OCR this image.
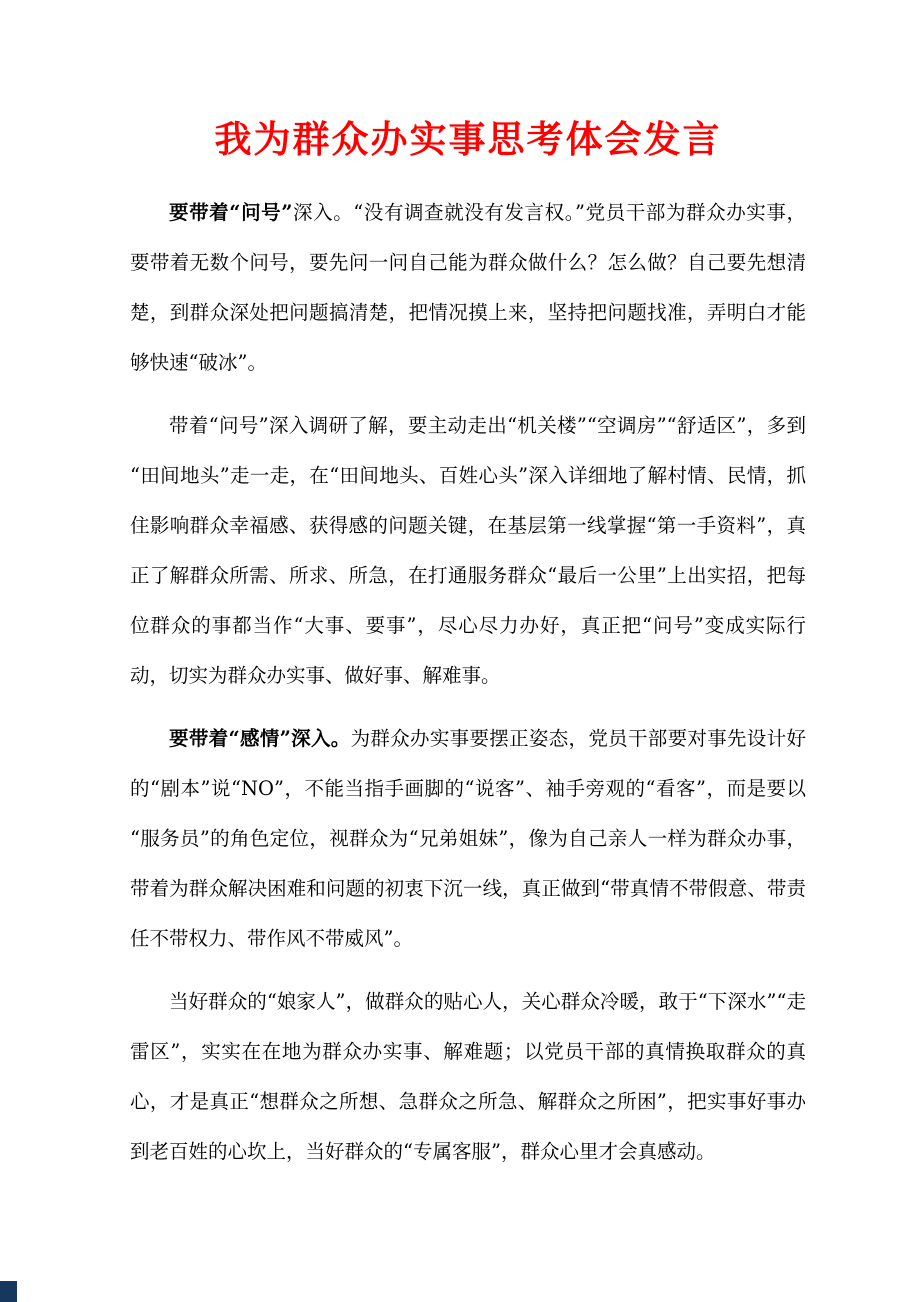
我为群众办实事思考体会发言

要带着“问号”深入。“没有调查就没有发言权。”党员干部为群众办实事，要带着无数个问号，要先问一问自己能为群众做什么？怎么做？自己要先想清楚，到群众深处把问题搞清楚，把情况摸上来，坚持把问题找准，弄明白才能够快速“破冰”。

带着“问号”深入调研了解，要主动走出“机关楼”“空调房”“舒适区”，多到“田间地头”走一走，在“田间地头、百姓心头”深入详细地了解村情、民情，抓住影响群众幸福感、获得感的问题关键，在基层第一线掌握“第一手资料”，真正了解群众所需、所求、所急，在打通服务群众“最后一公里”上出实招，把每位群众的事都当作“大事、要事”，尽心尽力办好，真正把“问号”变成实际行动，切实为群众办实事、做好事、解难事。

要带着“感情”深入。为群众办实事要摆正姿态，党员干部要对事先设计好的“剧本”说“NO”，不能当指手画脚的“说客”、袖手旁观的“看客”，而是要以“服务员”的角色定位，视群众为“兄弟姐妹”，像为自己亲人一样为群众办事，带着为群众解决困难和问题的初衷下沉一线，真正做到“带真情不带假意、带责任不带权力、带作风不带威风”。

当好群众的“娘家人”，做群众的贴心人，关心群众冷暖，敢于“下深水”“走雷区”，实实在在地为群众办实事、解难题；以党员干部的真情换取群众的真心，才是真正“想群众之所想、急群众之所急、解群众之所困”，把实事好事办到老百姓的心坎上，当好群众的“专属客服”，群众心里才会真感动。
